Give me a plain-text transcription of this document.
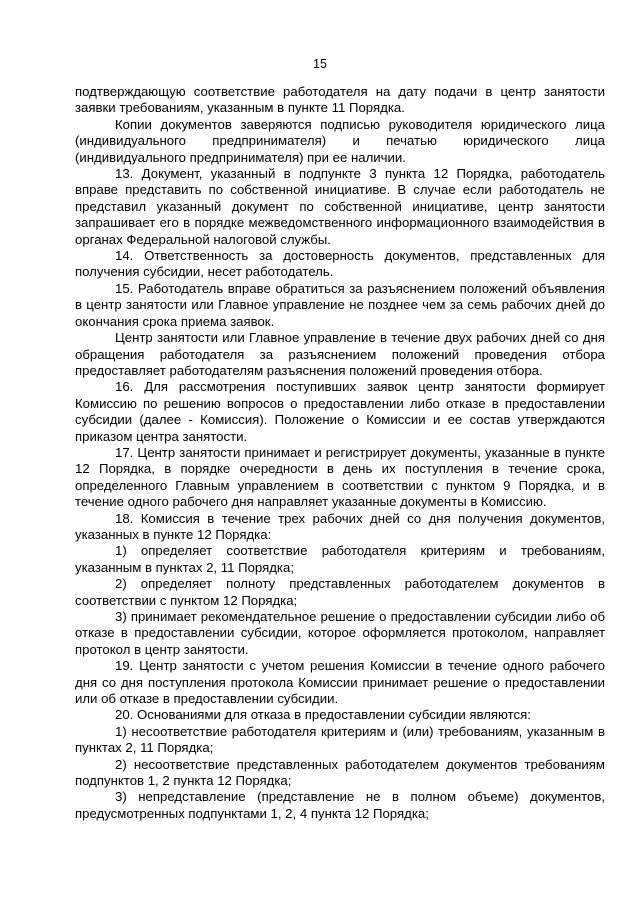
15

подтверждающую соответствие работодателя на дату подачи в центр занятости заявки требованиям, указанным в пункте 11 Порядка.

Копии документов заверяются подписью руководителя юридического лица (индивидуального предпринимателя) и печатью юридического лица (индивидуального предпринимателя) при ее наличии.

13. Документ, указанный в подпункте 3 пункта 12 Порядка, работодатель вправе представить по собственной инициативе. В случае если работодатель не представил указанный документ по собственной инициативе, центр занятости запрашивает его в порядке межведомственного информационного взаимодействия в органах Федеральной налоговой службы.

14. Ответственность за достоверность документов, представленных для получения субсидии, несет работодатель.

15. Работодатель вправе обратиться за разъяснением положений объявления в центр занятости или Главное управление не позднее чем за семь рабочих дней до окончания срока приема заявок.

Центр занятости или Главное управление в течение двух рабочих дней со дня обращения работодателя за разъяснением положений проведения отбора предоставляет работодателям разъяснения положений проведения отбора.

16. Для рассмотрения поступивших заявок центр занятости формирует Комиссию по решению вопросов о предоставлении либо отказе в предоставлении субсидии (далее - Комиссия). Положение о Комиссии и ее состав утверждаются приказом центра занятости.

17. Центр занятости принимает и регистрирует документы, указанные в пункте 12 Порядка, в порядке очередности в день их поступления в течение срока, определенного Главным управлением в соответствии с пунктом 9 Порядка, и в течение одного рабочего дня направляет указанные документы в Комиссию.

18. Комиссия в течение трех рабочих дней со дня получения документов, указанных в пункте 12 Порядка:

1) определяет соответствие работодателя критериям и требованиям, указанным в пунктах 2, 11 Порядка;

2) определяет полноту представленных работодателем документов в соответствии с пунктом 12 Порядка;

3) принимает рекомендательное решение о предоставлении субсидии либо об отказе в предоставлении субсидии, которое оформляется протоколом, направляет протокол в центр занятости.

19. Центр занятости с учетом решения Комиссии в течение одного рабочего дня со дня поступления протокола Комиссии принимает решение о предоставлении или об отказе в предоставлении субсидии.

20. Основаниями для отказа в предоставлении субсидии являются:

1) несоответствие работодателя критериям и (или) требованиям, указанным в пунктах 2, 11 Порядка;

2) несоответствие представленных работодателем документов требованиям подпунктов 1, 2 пункта 12 Порядка;

3) непредставление (представление не в полном объеме) документов, предусмотренных подпунктами 1, 2, 4 пункта 12 Порядка;
